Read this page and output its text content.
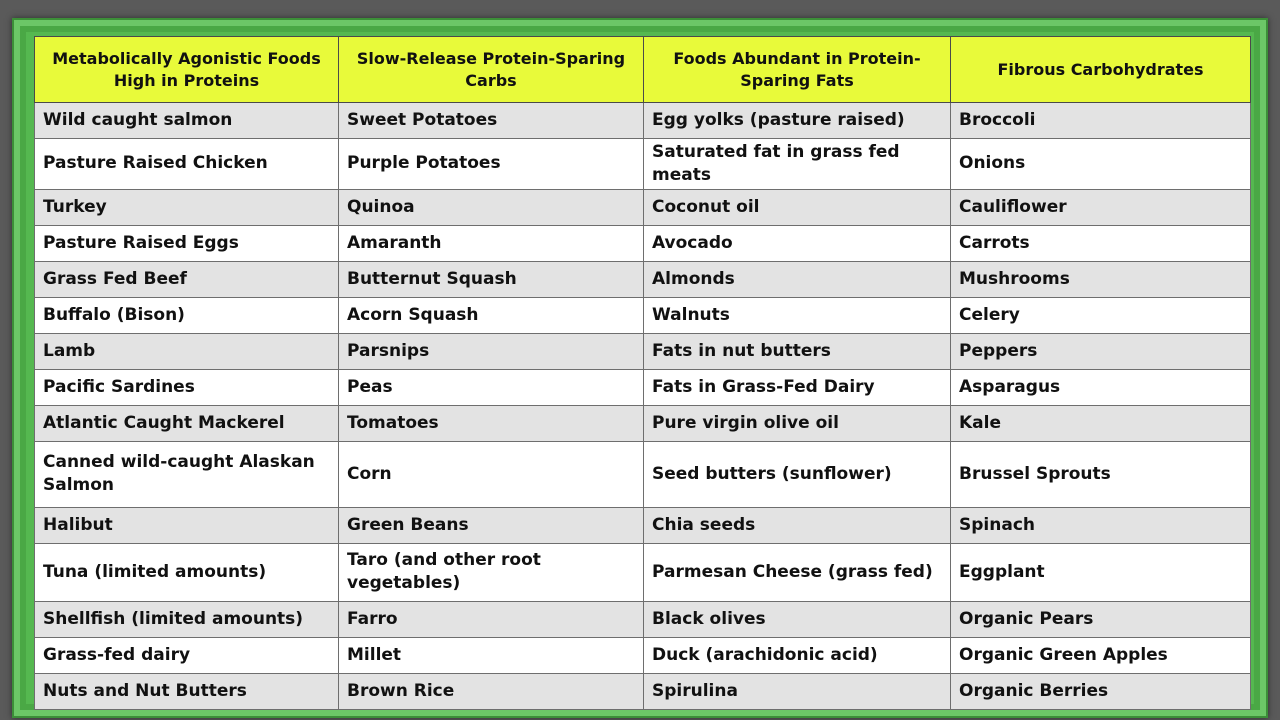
Metabolically Agonistic Foods High in Proteins	Slow-Release Protein-Sparing Carbs	Foods Abundant in Protein-Sparing Fats	Fibrous Carbohydrates
Wild caught salmon	Sweet Potatoes	Egg yolks (pasture raised)	Broccoli
Pasture Raised Chicken	Purple Potatoes	Saturated fat in grass fed meats	Onions
Turkey	Quinoa	Coconut oil	Cauliflower
Pasture Raised Eggs	Amaranth	Avocado	Carrots
Grass Fed Beef	Butternut Squash	Almonds	Mushrooms
Buffalo (Bison)	Acorn Squash	Walnuts	Celery
Lamb	Parsnips	Fats in nut butters	Peppers
Pacific Sardines	Peas	Fats in Grass-Fed Dairy	Asparagus
Atlantic Caught Mackerel	Tomatoes	Pure virgin olive oil	Kale
Canned wild-caught Alaskan Salmon	Corn	Seed butters (sunflower)	Brussel Sprouts
Halibut	Green Beans	Chia seeds	Spinach
Tuna (limited amounts)	Taro (and other root vegetables)	Parmesan Cheese (grass fed)	Eggplant
Shellfish (limited amounts)	Farro	Black olives	Organic Pears
Grass-fed dairy	Millet	Duck (arachidonic acid)	Organic Green Apples
Nuts and Nut Butters	Brown Rice	Spirulina	Organic Berries
